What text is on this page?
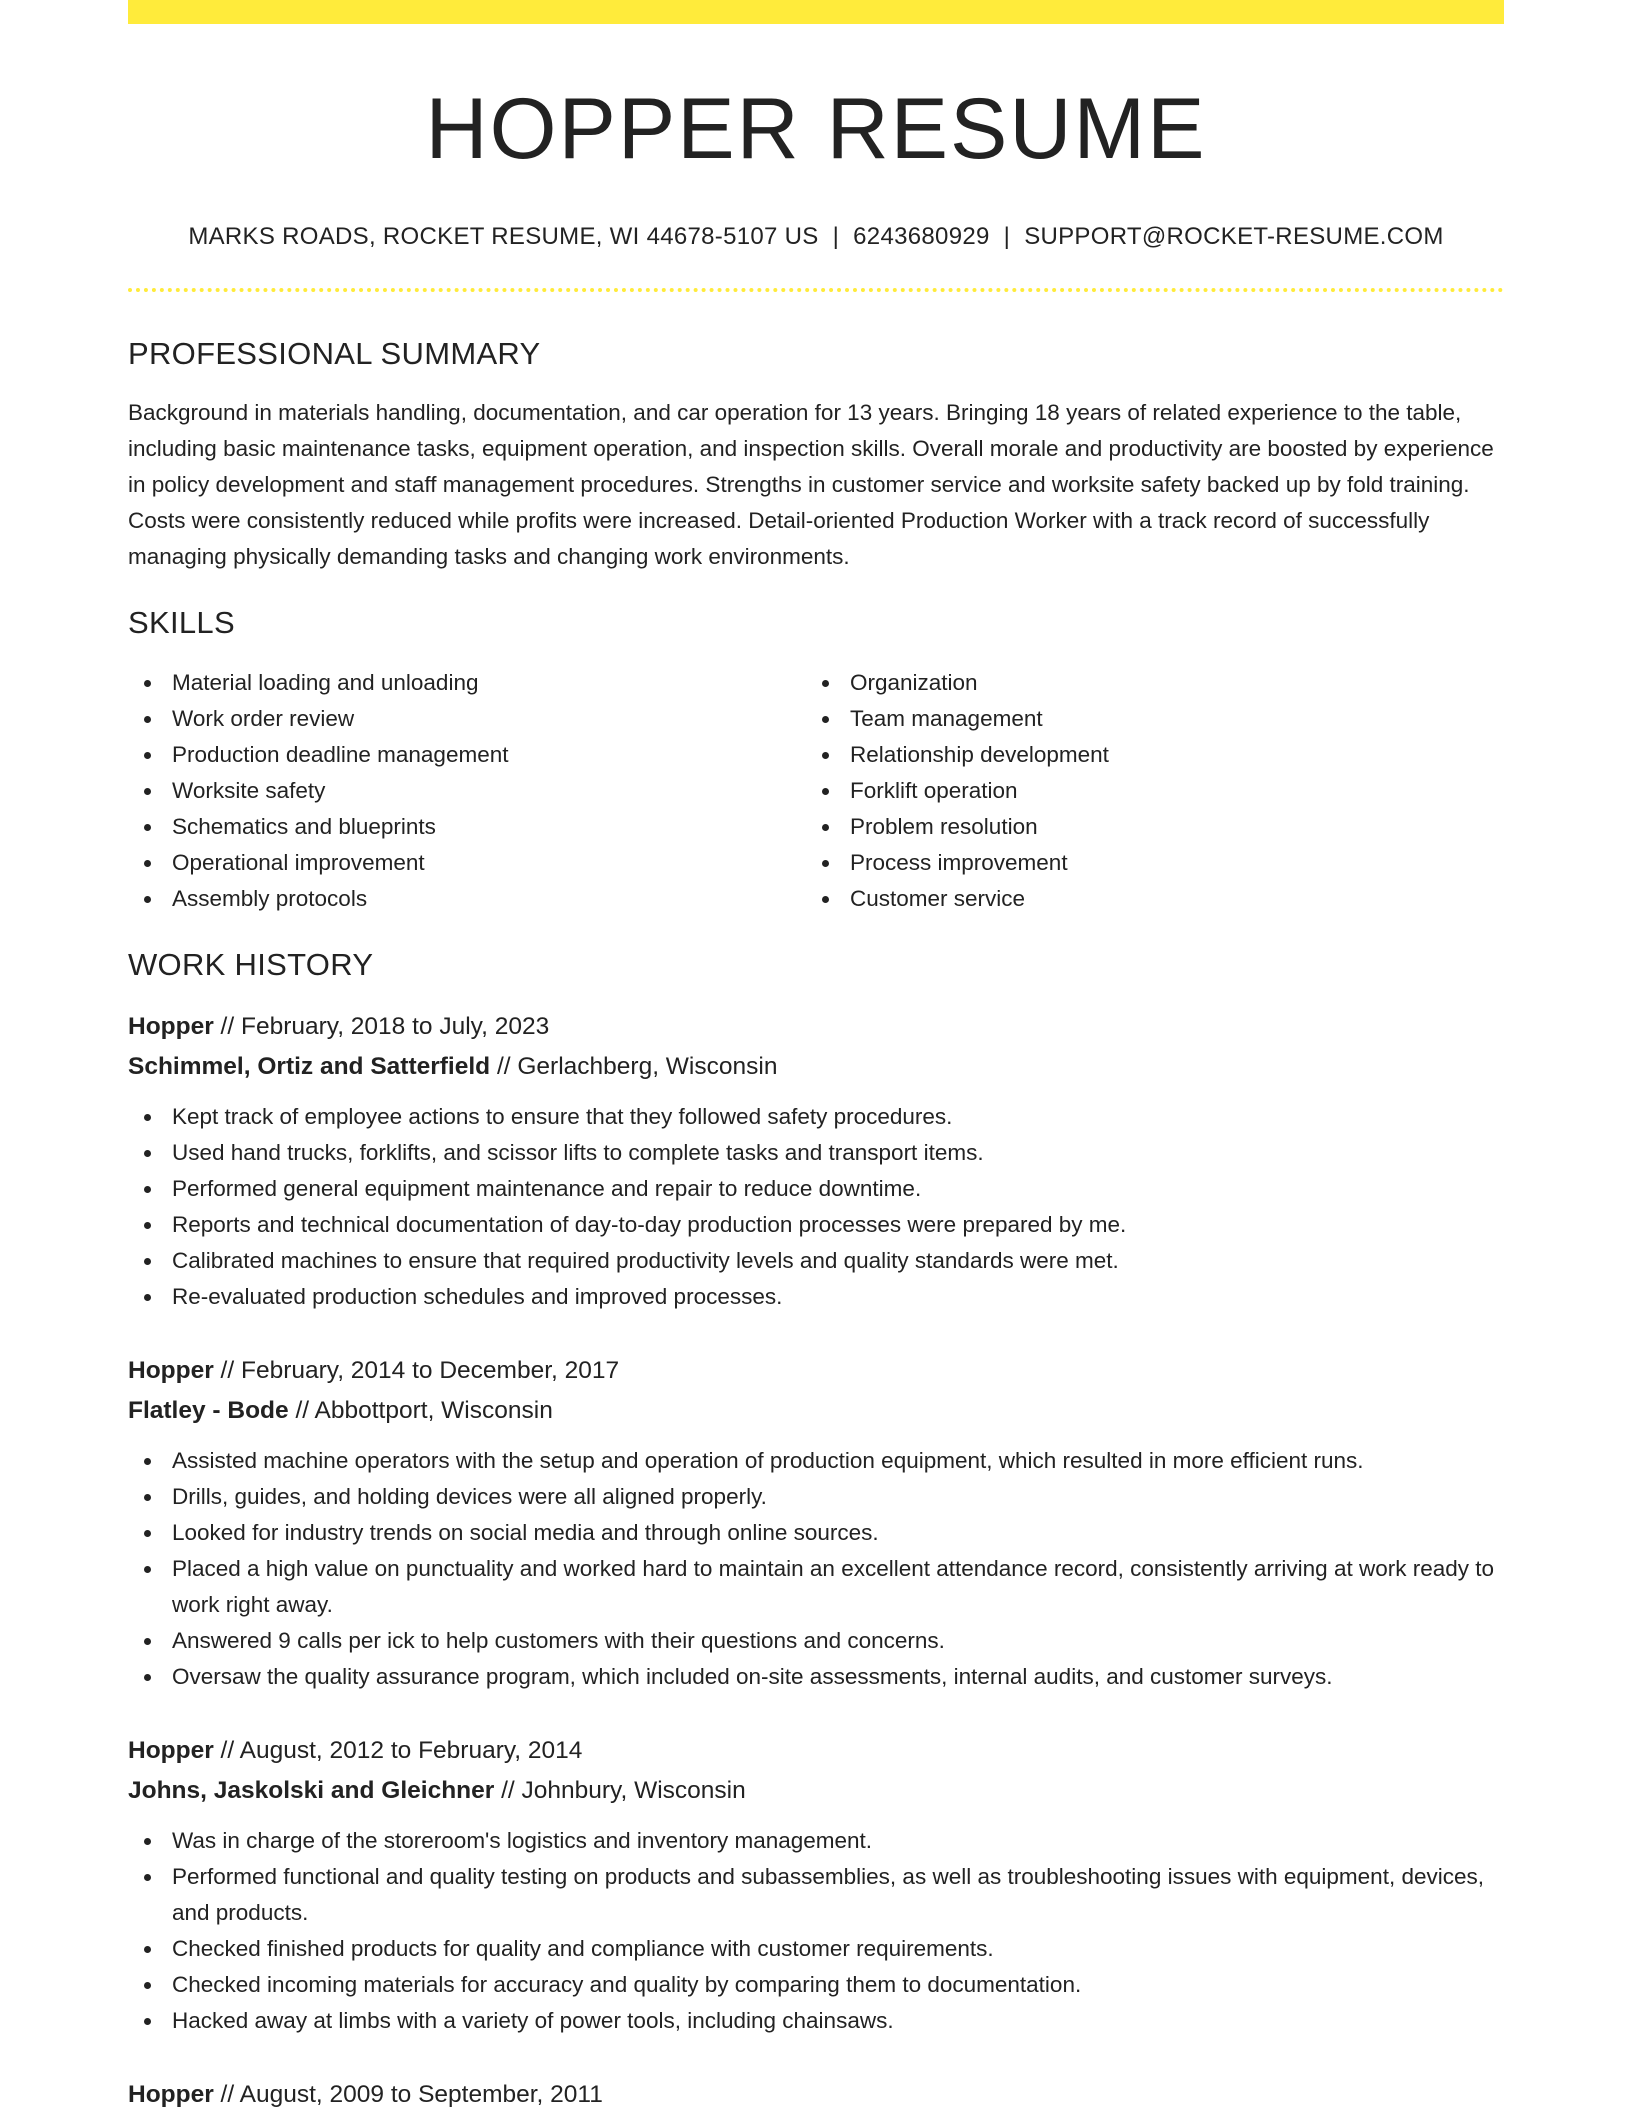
HOPPER RESUME
MARKS ROADS, ROCKET RESUME, WI 44678-5107 US | 6243680929 | SUPPORT@ROCKET-RESUME.COM
PROFESSIONAL SUMMARY
Background in materials handling, documentation, and car operation for 13 years. Bringing 18 years of related experience to the table, including basic maintenance tasks, equipment operation, and inspection skills. Overall morale and productivity are boosted by experience in policy development and staff management procedures. Strengths in customer service and worksite safety backed up by fold training. Costs were consistently reduced while profits were increased. Detail-oriented Production Worker with a track record of successfully managing physically demanding tasks and changing work environments.
SKILLS
Material loading and unloading
Work order review
Production deadline management
Worksite safety
Schematics and blueprints
Operational improvement
Assembly protocols
Organization
Team management
Relationship development
Forklift operation
Problem resolution
Process improvement
Customer service
WORK HISTORY
Hopper // February, 2018 to July, 2023
Schimmel, Ortiz and Satterfield // Gerlachberg, Wisconsin
Kept track of employee actions to ensure that they followed safety procedures.
Used hand trucks, forklifts, and scissor lifts to complete tasks and transport items.
Performed general equipment maintenance and repair to reduce downtime.
Reports and technical documentation of day-to-day production processes were prepared by me.
Calibrated machines to ensure that required productivity levels and quality standards were met.
Re-evaluated production schedules and improved processes.
Hopper // February, 2014 to December, 2017
Flatley - Bode // Abbottport, Wisconsin
Assisted machine operators with the setup and operation of production equipment, which resulted in more efficient runs.
Drills, guides, and holding devices were all aligned properly.
Looked for industry trends on social media and through online sources.
Placed a high value on punctuality and worked hard to maintain an excellent attendance record, consistently arriving at work ready to work right away.
Answered 9 calls per ick to help customers with their questions and concerns.
Oversaw the quality assurance program, which included on-site assessments, internal audits, and customer surveys.
Hopper // August, 2012 to February, 2014
Johns, Jaskolski and Gleichner // Johnbury, Wisconsin
Was in charge of the storeroom's logistics and inventory management.
Performed functional and quality testing on products and subassemblies, as well as troubleshooting issues with equipment, devices, and products.
Checked finished products for quality and compliance with customer requirements.
Checked incoming materials for accuracy and quality by comparing them to documentation.
Hacked away at limbs with a variety of power tools, including chainsaws.
Hopper // August, 2009 to September, 2011
